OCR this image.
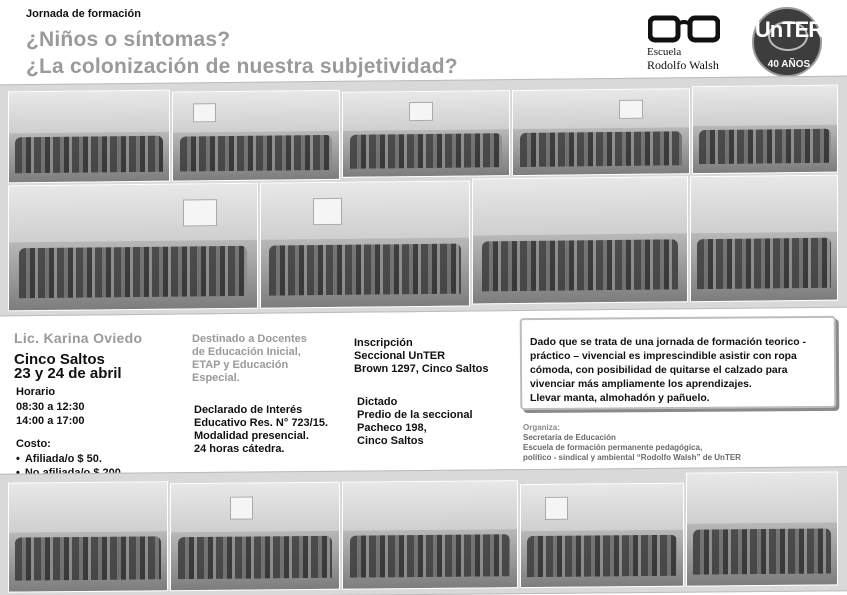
Jornada de formación
¿Niños o síntomas?
¿La colonización de nuestra subjetividad?
Escuela
Rodolfo Walsh
UnTER
40 AÑOS
Lic. Karina Oviedo
Cinco Saltos
23 y 24 de abril
Horario
08:30 a 12:30
14:00 a 17:00
Costo:
• Afiliada/o $ 50.
•
Destinado a Docentes
de Educación Inicial,
ETAP y Educación
Especial.
Declarado de Interés
Educativo Res. N° 723/15.
Modalidad presencial.
24 horas cátedra.
Inscripción
Seccional UnTER
Brown 1297, Cinco Saltos
Dictado
Predio de la seccional
Pacheco 198,
Cinco Saltos
Dado que se trata de una jornada de formación teorico -
práctico – vivencial es imprescindible asistir con ropa
cómoda, con posibilidad de quitarse el calzado para
vivenciar más ampliamente los aprendizajes.
Llevar manta, almohadón y pañuelo.
Organiza:
Secretaría de Educación
Escuela de formación permanente pedagógica,
político - sindical y ambiental “Rodolfo Walsh” de UnTER
